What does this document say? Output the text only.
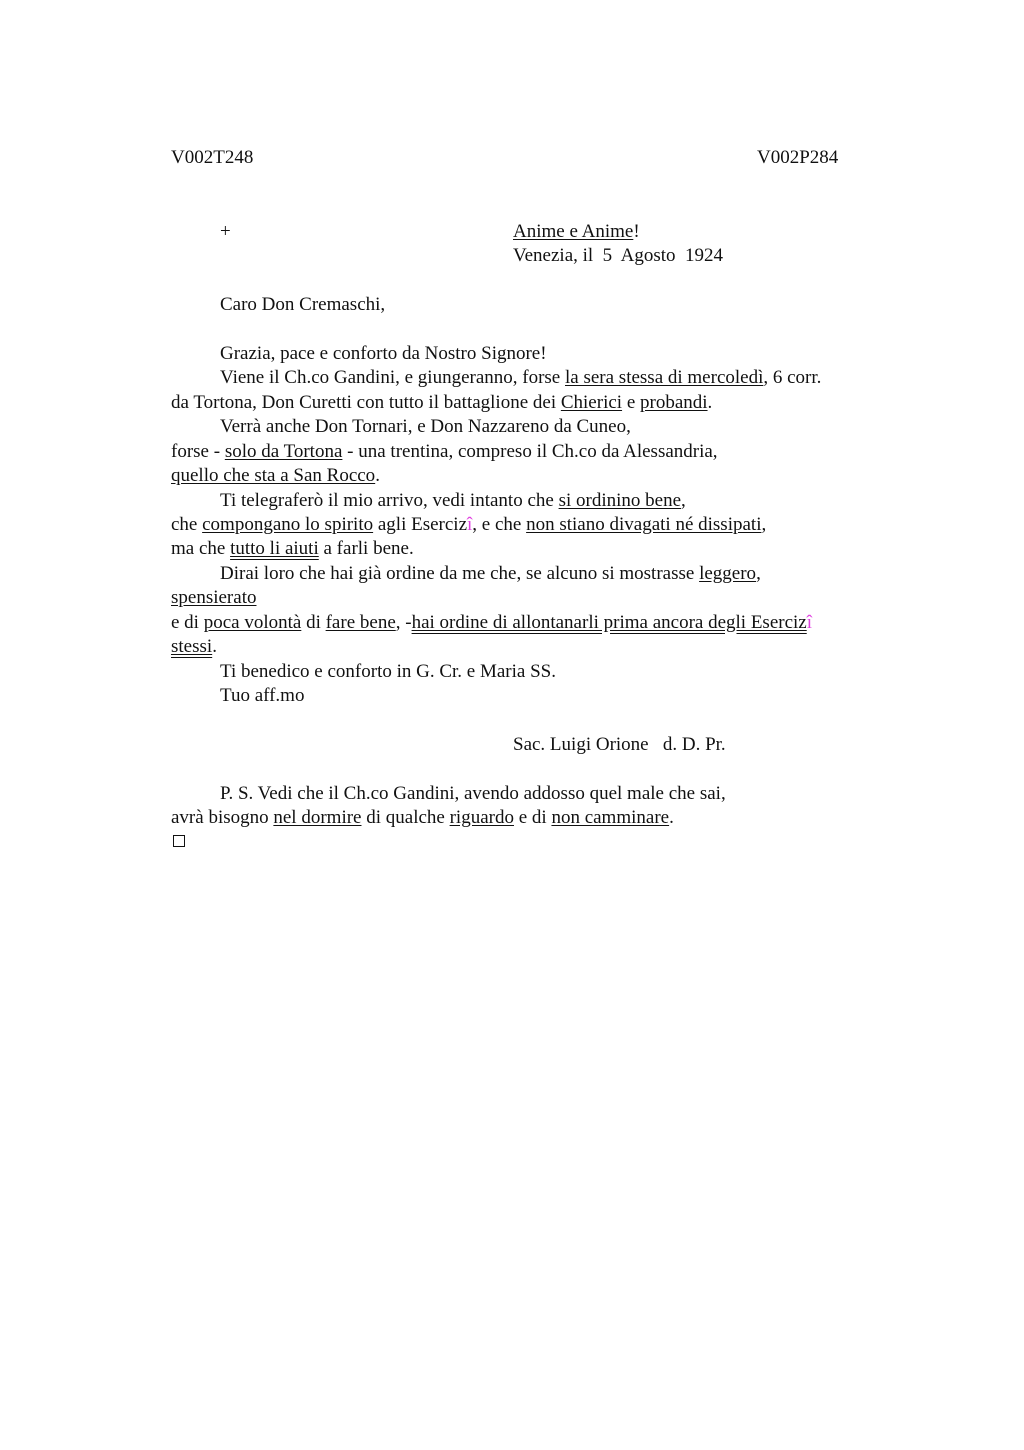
V002T248	V002P284
+	Anime e Anime!
Venezia, il  5  Agosto  1924
Caro Don Cremaschi,
Grazia, pace e conforto da Nostro Signore!
Viene il Ch.co Gandini, e giungeranno, forse la sera stessa di mercoledì, 6 corr.
da Tortona, Don Curetti con tutto il battaglione dei Chierici e probandi.
Verrà anche Don Tornari, e Don Nazzareno da Cuneo,
forse - solo da Tortona - una trentina, compreso il Ch.co da Alessandria,
quello che sta a San Rocco.
Ti telegraferò il mio arrivo, vedi intanto che si ordinino bene,
che compongano lo spirito agli Esercizî, e che non stiano divagati né dissipati,
ma che tutto li aiuti a farli bene.
Dirai loro che hai già ordine da me che, se alcuno si mostrasse leggero,
spensierato
e di poca volontà di fare bene, -hai ordine di allontanarli prima ancora degli Esercizî
stessi.
Ti benedico e conforto in G. Cr. e Maria SS.
Tuo aff.mo
Sac. Luigi Orione   d. D. Pr.
P. S. Vedi che il Ch.co Gandini, avendo addosso quel male che sai,
avrà bisogno nel dormire di qualche riguardo e di non camminare.
